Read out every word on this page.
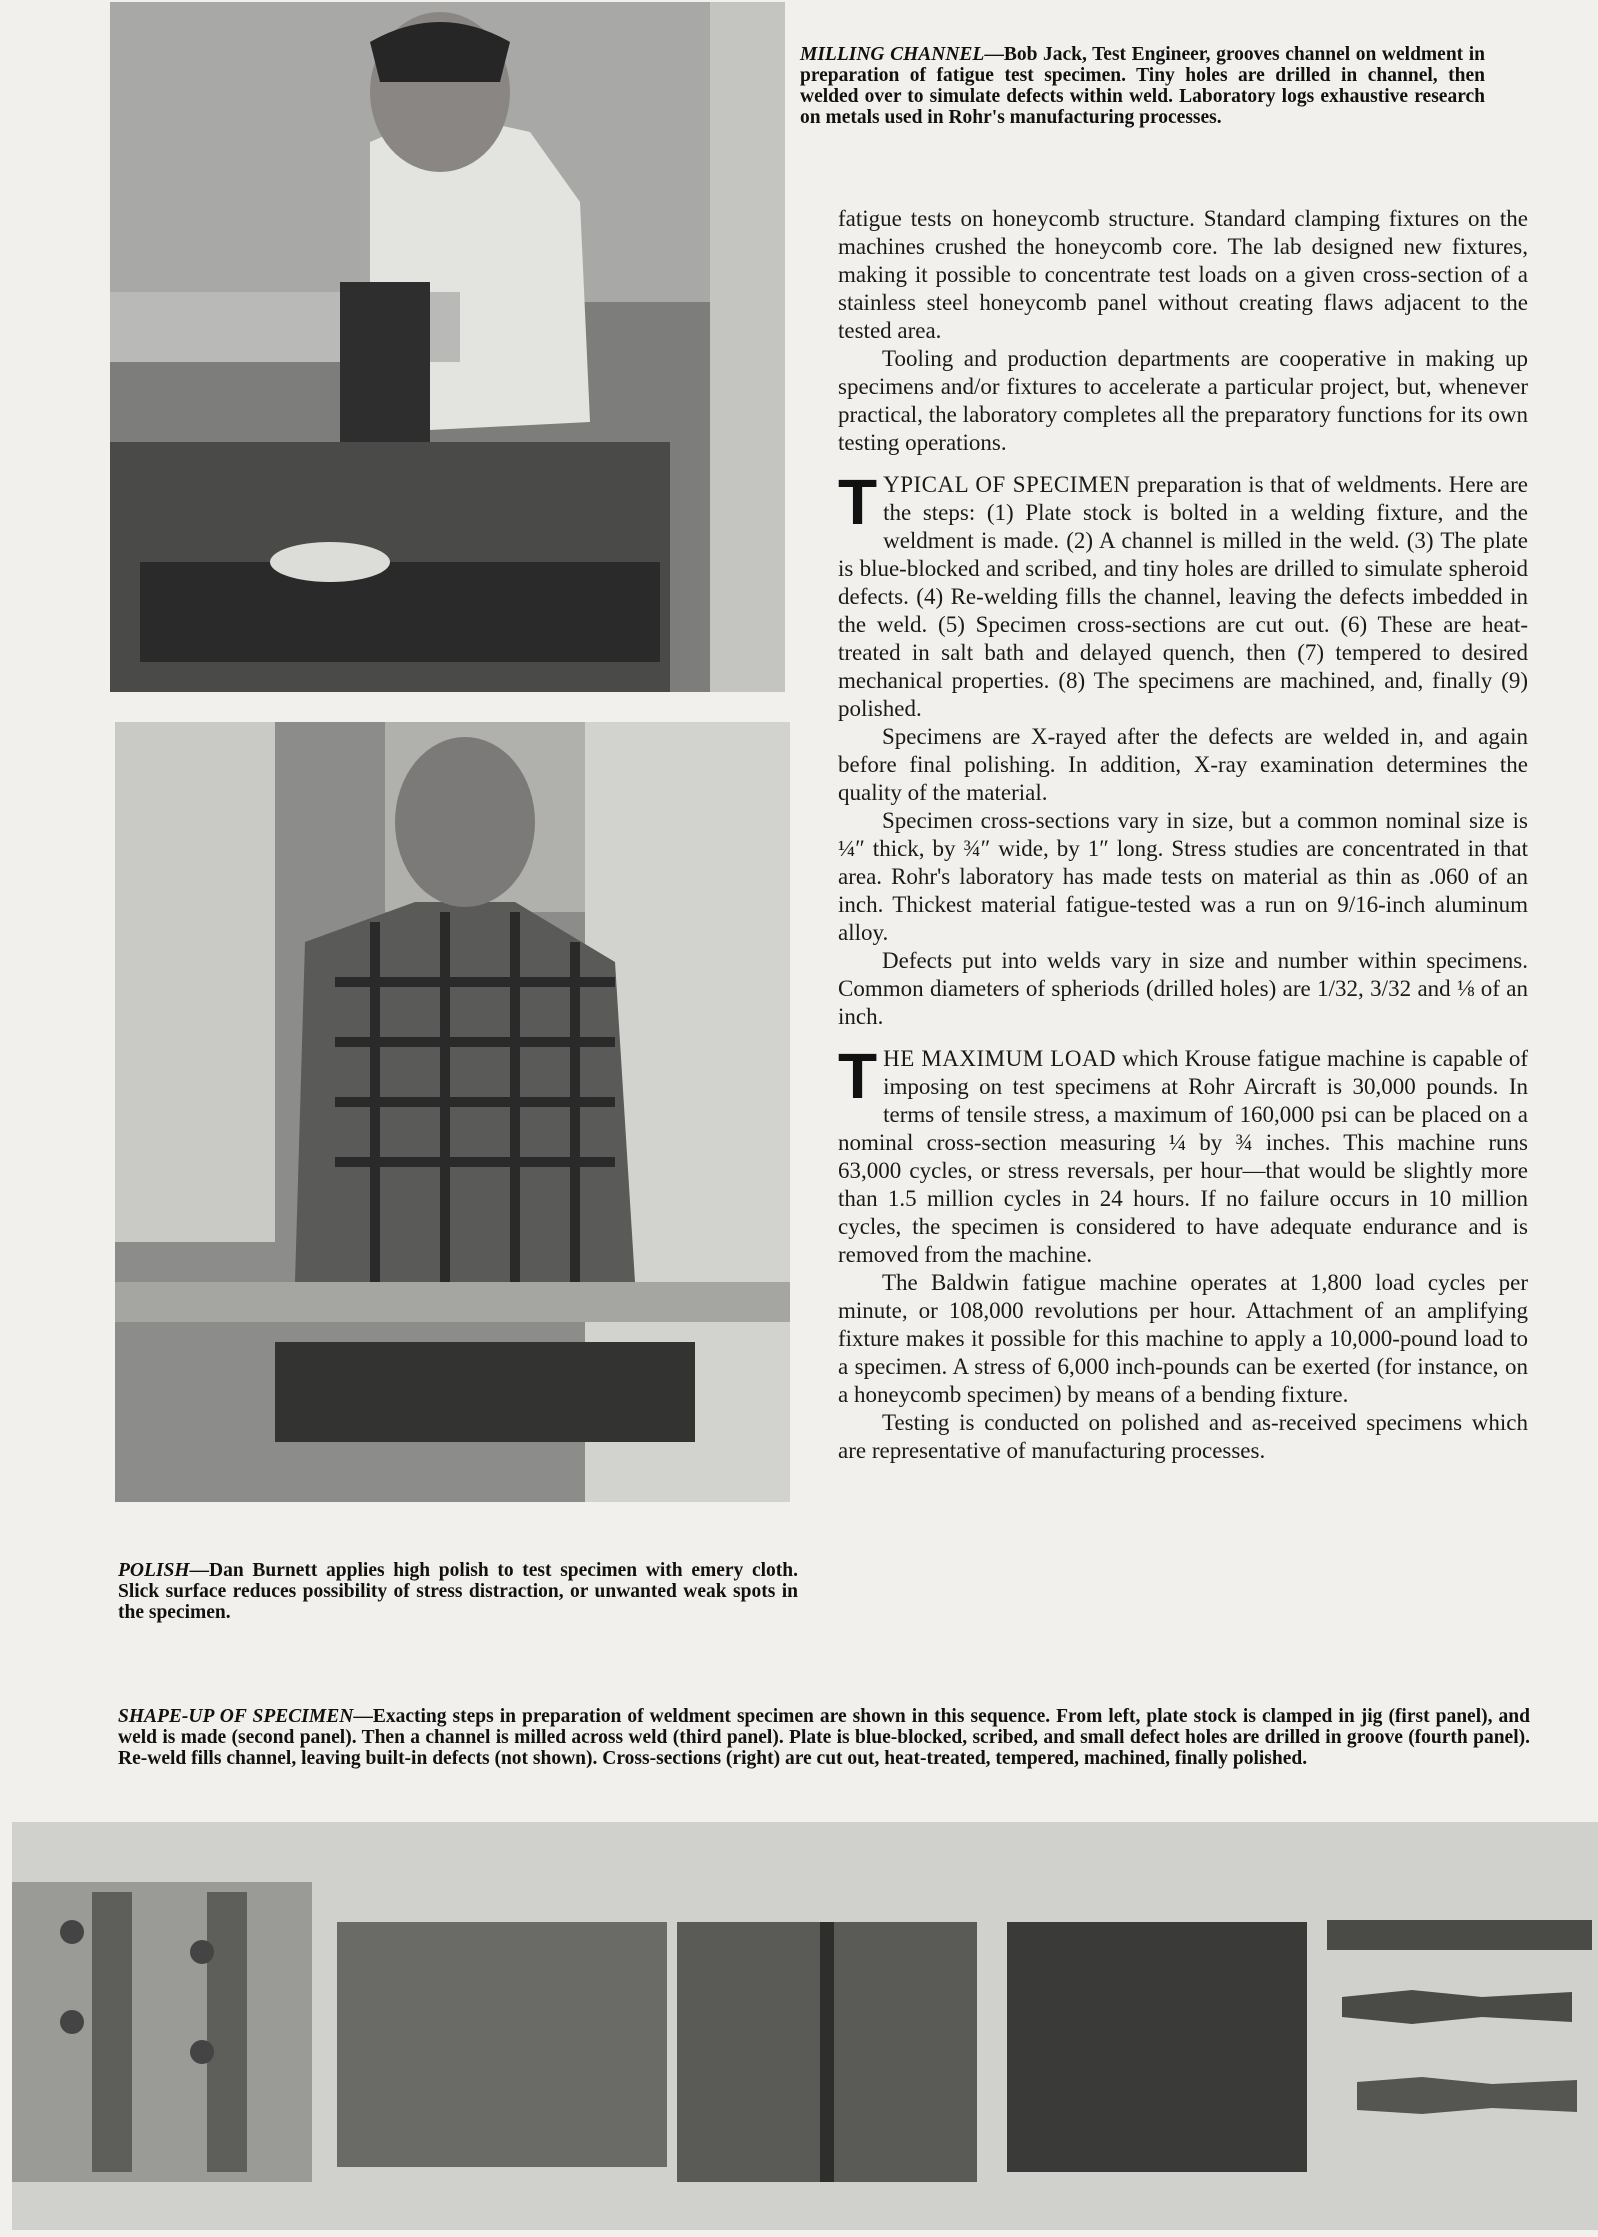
MILLING CHANNEL—Bob Jack, Test Engineer, grooves channel on weldment in preparation of fatigue test specimen. Tiny holes are drilled in channel, then welded over to simulate defects within weld. Laboratory logs exhaustive research on metals used in Rohr's manufacturing processes.

POLISH—Dan Burnett applies high polish to test specimen with emery cloth. Slick surface reduces possibility of stress distraction, or unwanted weak spots in the specimen.

fatigue tests on honeycomb structure. Standard clamping fixtures on the machines crushed the honeycomb core. The lab designed new fixtures, making it possible to concentrate test loads on a given cross-section of a stainless steel honeycomb panel without creating flaws adjacent to the tested area.

Tooling and production departments are cooperative in making up specimens and/or fixtures to accelerate a particular project, but, whenever practical, the laboratory completes all the preparatory functions for its own testing operations.

TYPICAL OF SPECIMEN preparation is that of weldments. Here are the steps: (1) Plate stock is bolted in a welding fixture, and the weldment is made. (2) A channel is milled in the weld. (3) The plate is blue-blocked and scribed, and tiny holes are drilled to simulate spheroid defects. (4) Re-welding fills the channel, leaving the defects imbedded in the weld. (5) Specimen cross-sections are cut out. (6) These are heat-treated in salt bath and delayed quench, then (7) tempered to desired mechanical properties. (8) The specimens are machined, and, finally (9) polished.

Specimens are X-rayed after the defects are welded in, and again before final polishing. In addition, X-ray examination determines the quality of the material.

Specimen cross-sections vary in size, but a common nominal size is ¼″ thick, by ¾″ wide, by 1″ long. Stress studies are concentrated in that area. Rohr's laboratory has made tests on material as thin as .060 of an inch. Thickest material fatigue-tested was a run on 9/16-inch aluminum alloy.

Defects put into welds vary in size and number within specimens. Common diameters of spheriods (drilled holes) are 1/32, 3/32 and ⅛ of an inch.

THE MAXIMUM LOAD which Krouse fatigue machine is capable of imposing on test specimens at Rohr Aircraft is 30,000 pounds. In terms of tensile stress, a maximum of 160,000 psi can be placed on a nominal cross-section measuring ¼ by ¾ inches. This machine runs 63,000 cycles, or stress reversals, per hour—that would be slightly more than 1.5 million cycles in 24 hours. If no failure occurs in 10 million cycles, the specimen is considered to have adequate endurance and is removed from the machine.

The Baldwin fatigue machine operates at 1,800 load cycles per minute, or 108,000 revolutions per hour. Attachment of an amplifying fixture makes it possible for this machine to apply a 10,000-pound load to a specimen. A stress of 6,000 inch-pounds can be exerted (for instance, on a honeycomb specimen) by means of a bending fixture.

Testing is conducted on polished and as-received specimens which are representative of manufacturing processes.

SHAPE-UP OF SPECIMEN—Exacting steps in preparation of weldment specimen are shown in this sequence. From left, plate stock is clamped in jig (first panel), and weld is made (second panel). Then a channel is milled across weld (third panel). Plate is blue-blocked, scribed, and small defect holes are drilled in groove (fourth panel). Re-weld fills channel, leaving built-in defects (not shown). Cross-sections (right) are cut out, heat-treated, tempered, machined, finally polished.
